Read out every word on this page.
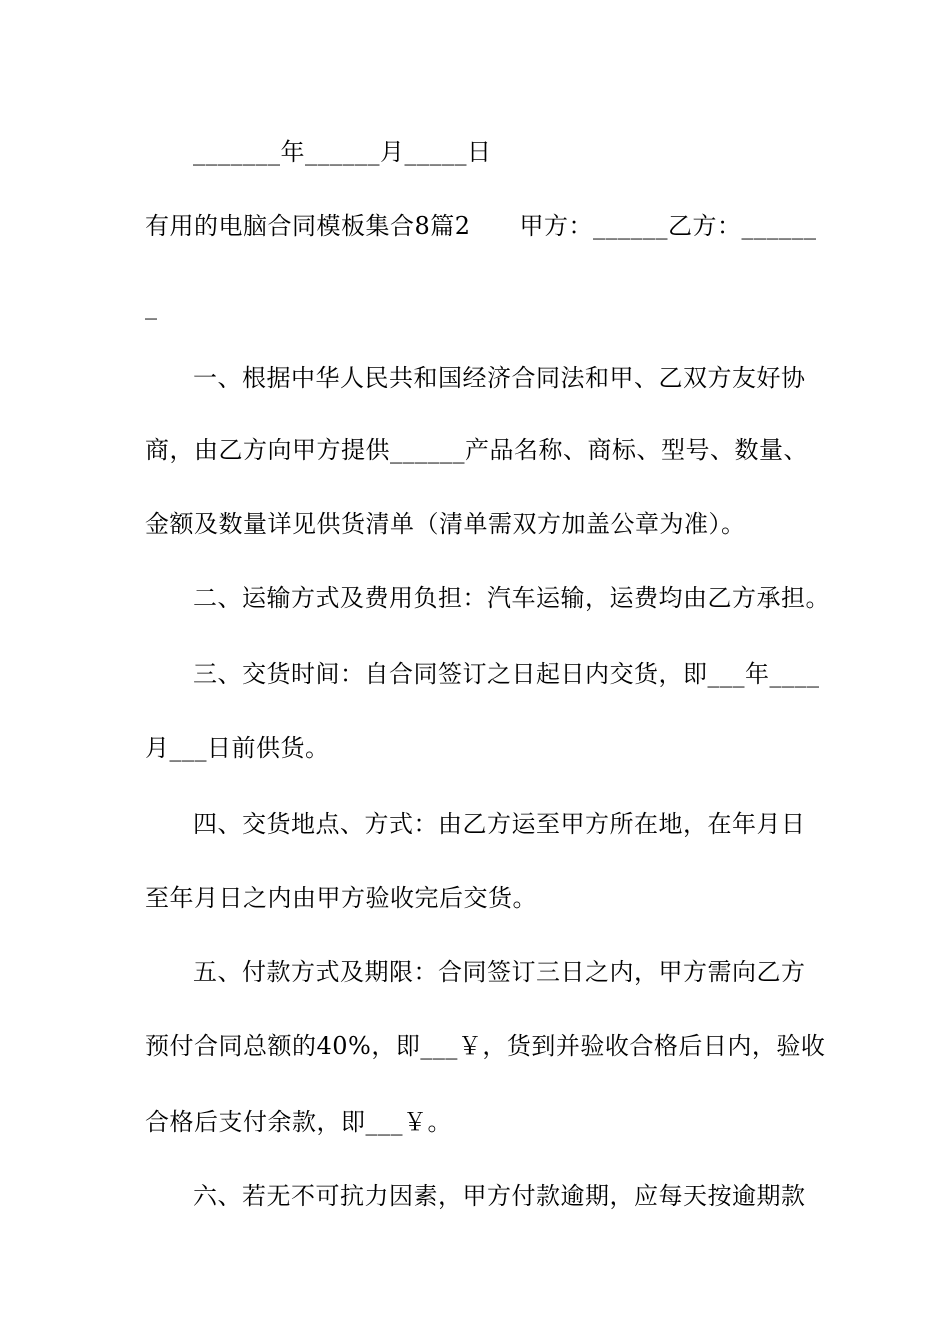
_______年______月_____日
有用的电脑合同模板集合8篇2　　甲方：______乙方：______
_
一、根据中华人民共和国经济合同法和甲、乙双方友好协
商，由乙方向甲方提供______产品名称、商标、型号、数量、
金额及数量详见供货清单（清单需双方加盖公章为准）。
二、运输方式及费用负担：汽车运输，运费均由乙方承担。
三、交货时间：自合同签订之日起日内交货，即___年____
月___日前供货。
四、交货地点、方式：由乙方运至甲方所在地，在年月日
至年月日之内由甲方验收完后交货。
五、付款方式及期限：合同签订三日之内，甲方需向乙方
预付合同总额的40%，即___￥，货到并验收合格后日内，验收
合格后支付余款，即___￥。
六、若无不可抗力因素，甲方付款逾期，应每天按逾期款
